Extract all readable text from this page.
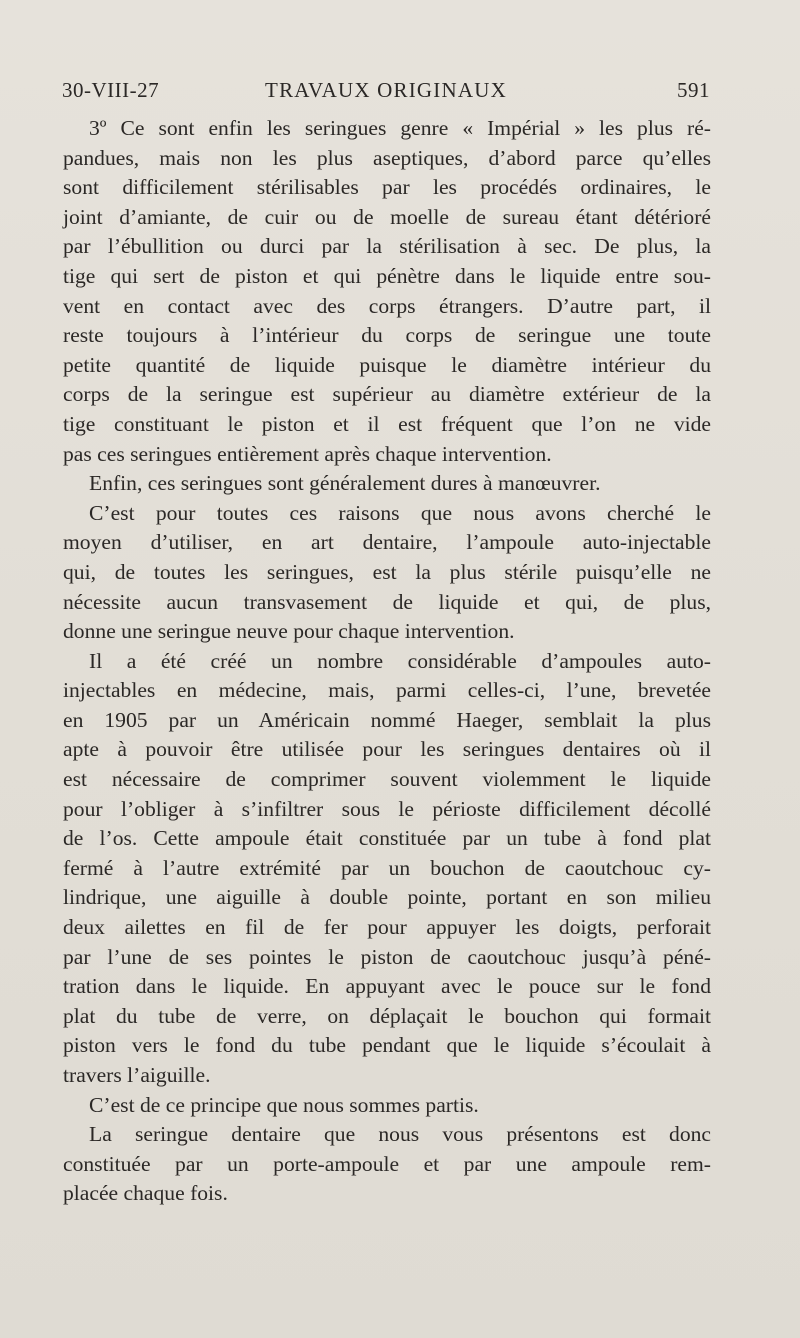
30-VIII-27	TRAVAUX ORIGINAUX	591
3º Ce sont enfin les seringues genre « Impérial » les plus ré-
pandues, mais non les plus aseptiques, d’abord parce qu’elles
sont difficilement stérilisables par les procédés ordinaires, le
joint d’amiante, de cuir ou de moelle de sureau étant détérioré
par l’ébullition ou durci par la stérilisation à sec. De plus, la
tige qui sert de piston et qui pénètre dans le liquide entre sou-
vent en contact avec des corps étrangers. D’autre part, il
reste toujours à l’intérieur du corps de seringue une toute
petite quantité de liquide puisque le diamètre intérieur du
corps de la seringue est supérieur au diamètre extérieur de la
tige constituant le piston et il est fréquent que l’on ne vide
pas ces seringues entièrement après chaque intervention.
Enfin, ces seringues sont généralement dures à manœuvrer.
C’est pour toutes ces raisons que nous avons cherché le
moyen d’utiliser, en art dentaire, l’ampoule auto-injectable
qui, de toutes les seringues, est la plus stérile puisqu’elle ne
nécessite aucun transvasement de liquide et qui, de plus,
donne une seringue neuve pour chaque intervention.
Il a été créé un nombre considérable d’ampoules auto-
injectables en médecine, mais, parmi celles-ci, l’une, brevetée
en 1905 par un Américain nommé Haeger, semblait la plus
apte à pouvoir être utilisée pour les seringues dentaires où il
est nécessaire de comprimer souvent violemment le liquide
pour l’obliger à s’infiltrer sous le périoste difficilement décollé
de l’os. Cette ampoule était constituée par un tube à fond plat
fermé à l’autre extrémité par un bouchon de caoutchouc cy-
lindrique, une aiguille à double pointe, portant en son milieu
deux ailettes en fil de fer pour appuyer les doigts, perforait
par l’une de ses pointes le piston de caoutchouc jusqu’à péné-
tration dans le liquide. En appuyant avec le pouce sur le fond
plat du tube de verre, on déplaçait le bouchon qui formait
piston vers le fond du tube pendant que le liquide s’écoulait à
travers l’aiguille.
C’est de ce principe que nous sommes partis.
La seringue dentaire que nous vous présentons est donc
constituée par un porte-ampoule et par une ampoule rem-
placée chaque fois.
